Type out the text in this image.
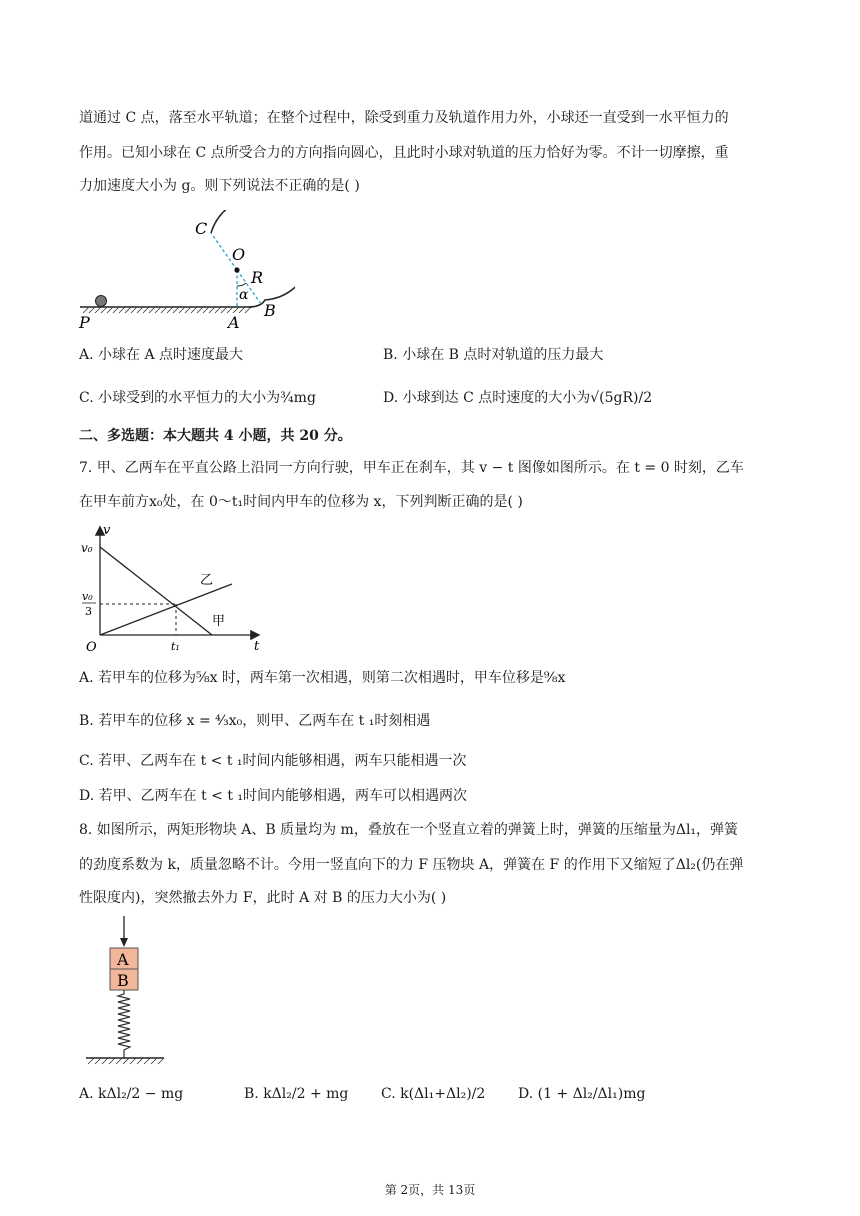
道通过 C 点，落至水平轨道；在整个过程中，除受到重力及轨道作用力外，小球还一直受到一水平恒力的
作用。已知小球在 C 点所受合力的方向指向圆心，且此时小球对轨道的压力恰好为零。不计一切摩擦，重
力加速度大小为 g。则下列说法不正确的是( )
C
O
R
α
P	A
B
A. 小球在 A 点时速度最大	B. 小球在 B 点时对轨道的压力最大
C. 小球受到的水平恒力的大小为¾mg	D. 小球到达 C 点时速度的大小为√(5gR)/2
二、多选题：本大题共 4 小题，共 20 分。
7. 甲、乙两车在平直公路上沿同一方向行驶，甲车正在刹车，其 v − t 图像如图所示。在 t = 0 时刻，乙车
在甲车前方x₀处，在 0～t₁时间内甲车的位移为 x，下列判断正确的是( )
v
v₀
v₀
3
O	t
t₁
乙
甲
A. 若甲车的位移为⅝x 时，两车第一次相遇，则第二次相遇时，甲车位移是⁹⁄₈x
B. 若甲车的位移 x = ⁴⁄₃x₀，则甲、乙两车在 t ₁时刻相遇
C. 若甲、乙两车在 t < t ₁时间内能够相遇，两车只能相遇一次
D. 若甲、乙两车在 t < t ₁时间内能够相遇，两车可以相遇两次
8. 如图所示，两矩形物块 A、B 质量均为 m，叠放在一个竖直立着的弹簧上时，弹簧的压缩量为Δl₁，弹簧
的劲度系数为 k，质量忽略不计。今用一竖直向下的力 F 压物块 A，弹簧在 F 的作用下又缩短了Δl₂(仍在弹
性限度内)，突然撤去外力 F，此时 A 对 B 的压力大小为( )
A
B
A. kΔl₂/2 − mg	B. kΔl₂/2 + mg C. k(Δl₁+Δl₂)/2 D. (1 + Δl₂/Δl₁)mg
第 2页，共 13页
